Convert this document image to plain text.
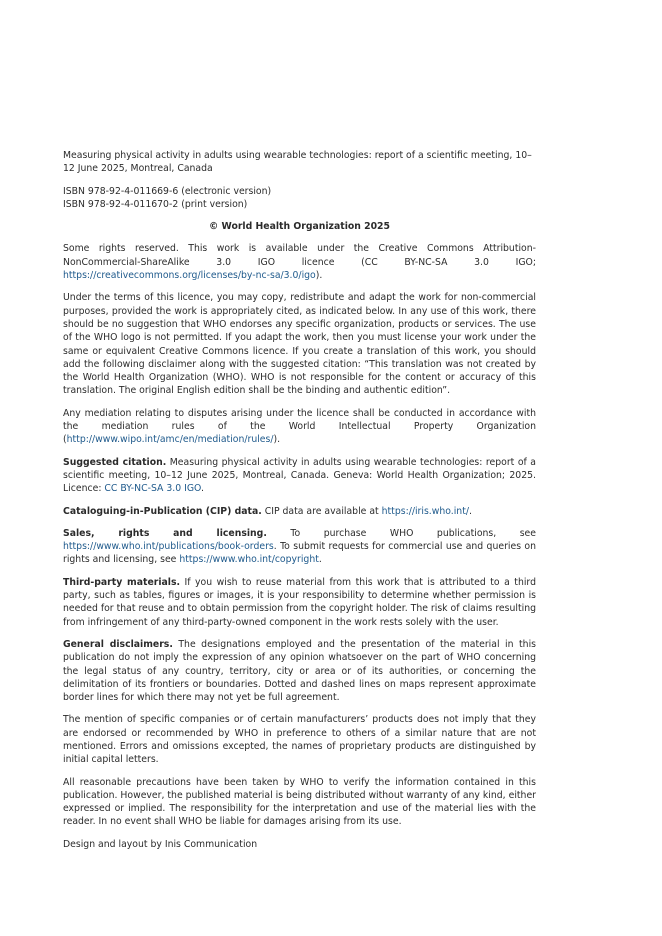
Measuring physical activity in adults using wearable technologies: report of a scientific meeting, 10–12 June 2025, Montreal, Canada

ISBN 978-92-4-011669-6 (electronic version)

ISBN 978-92-4-011670-2 (print version)

© World Health Organization 2025

Some rights reserved. This work is available under the Creative Commons Attribution-NonCommercial-ShareAlike 3.0 IGO licence (CC BY-NC-SA 3.0 IGO; https://creativecommons.org/licenses/by-nc-sa/3.0/igo).

Under the terms of this licence, you may copy, redistribute and adapt the work for non-commercial purposes, provided the work is appropriately cited, as indicated below. In any use of this work, there should be no suggestion that WHO endorses any specific organization, products or services. The use of the WHO logo is not permitted. If you adapt the work, then you must license your work under the same or equivalent Creative Commons licence. If you create a translation of this work, you should add the following disclaimer along with the suggested citation: “This translation was not created by the World Health Organization (WHO). WHO is not responsible for the content or accuracy of this translation. The original English edition shall be the binding and authentic edition”.

Any mediation relating to disputes arising under the licence shall be conducted in accordance with the mediation rules of the World Intellectual Property Organization (http://www.wipo.int/amc/en/mediation/rules/).

Suggested citation. Measuring physical activity in adults using wearable technologies: report of a scientific meeting, 10–12 June 2025, Montreal, Canada. Geneva: World Health Organization; 2025. Licence: CC BY-NC-SA 3.0 IGO.

Cataloguing-in-Publication (CIP) data. CIP data are available at https://iris.who.int/.

Sales, rights and licensing. To purchase WHO publications, see https://www.who.int/publications/book-orders. To submit requests for commercial use and queries on rights and licensing, see https://www.who.int/copyright.

Third-party materials. If you wish to reuse material from this work that is attributed to a third party, such as tables, figures or images, it is your responsibility to determine whether permission is needed for that reuse and to obtain permission from the copyright holder. The risk of claims resulting from infringement of any third-party-owned component in the work rests solely with the user.

General disclaimers. The designations employed and the presentation of the material in this publication do not imply the expression of any opinion whatsoever on the part of WHO concerning the legal status of any country, territory, city or area or of its authorities, or concerning the delimitation of its frontiers or boundaries. Dotted and dashed lines on maps represent approximate border lines for which there may not yet be full agreement.

The mention of specific companies or of certain manufacturers’ products does not imply that they are endorsed or recommended by WHO in preference to others of a similar nature that are not mentioned. Errors and omissions excepted, the names of proprietary products are distinguished by initial capital letters.

All reasonable precautions have been taken by WHO to verify the information contained in this publication. However, the published material is being distributed without warranty of any kind, either expressed or implied. The responsibility for the interpretation and use of the material lies with the reader. In no event shall WHO be liable for damages arising from its use.

Design and layout by Inis Communication
